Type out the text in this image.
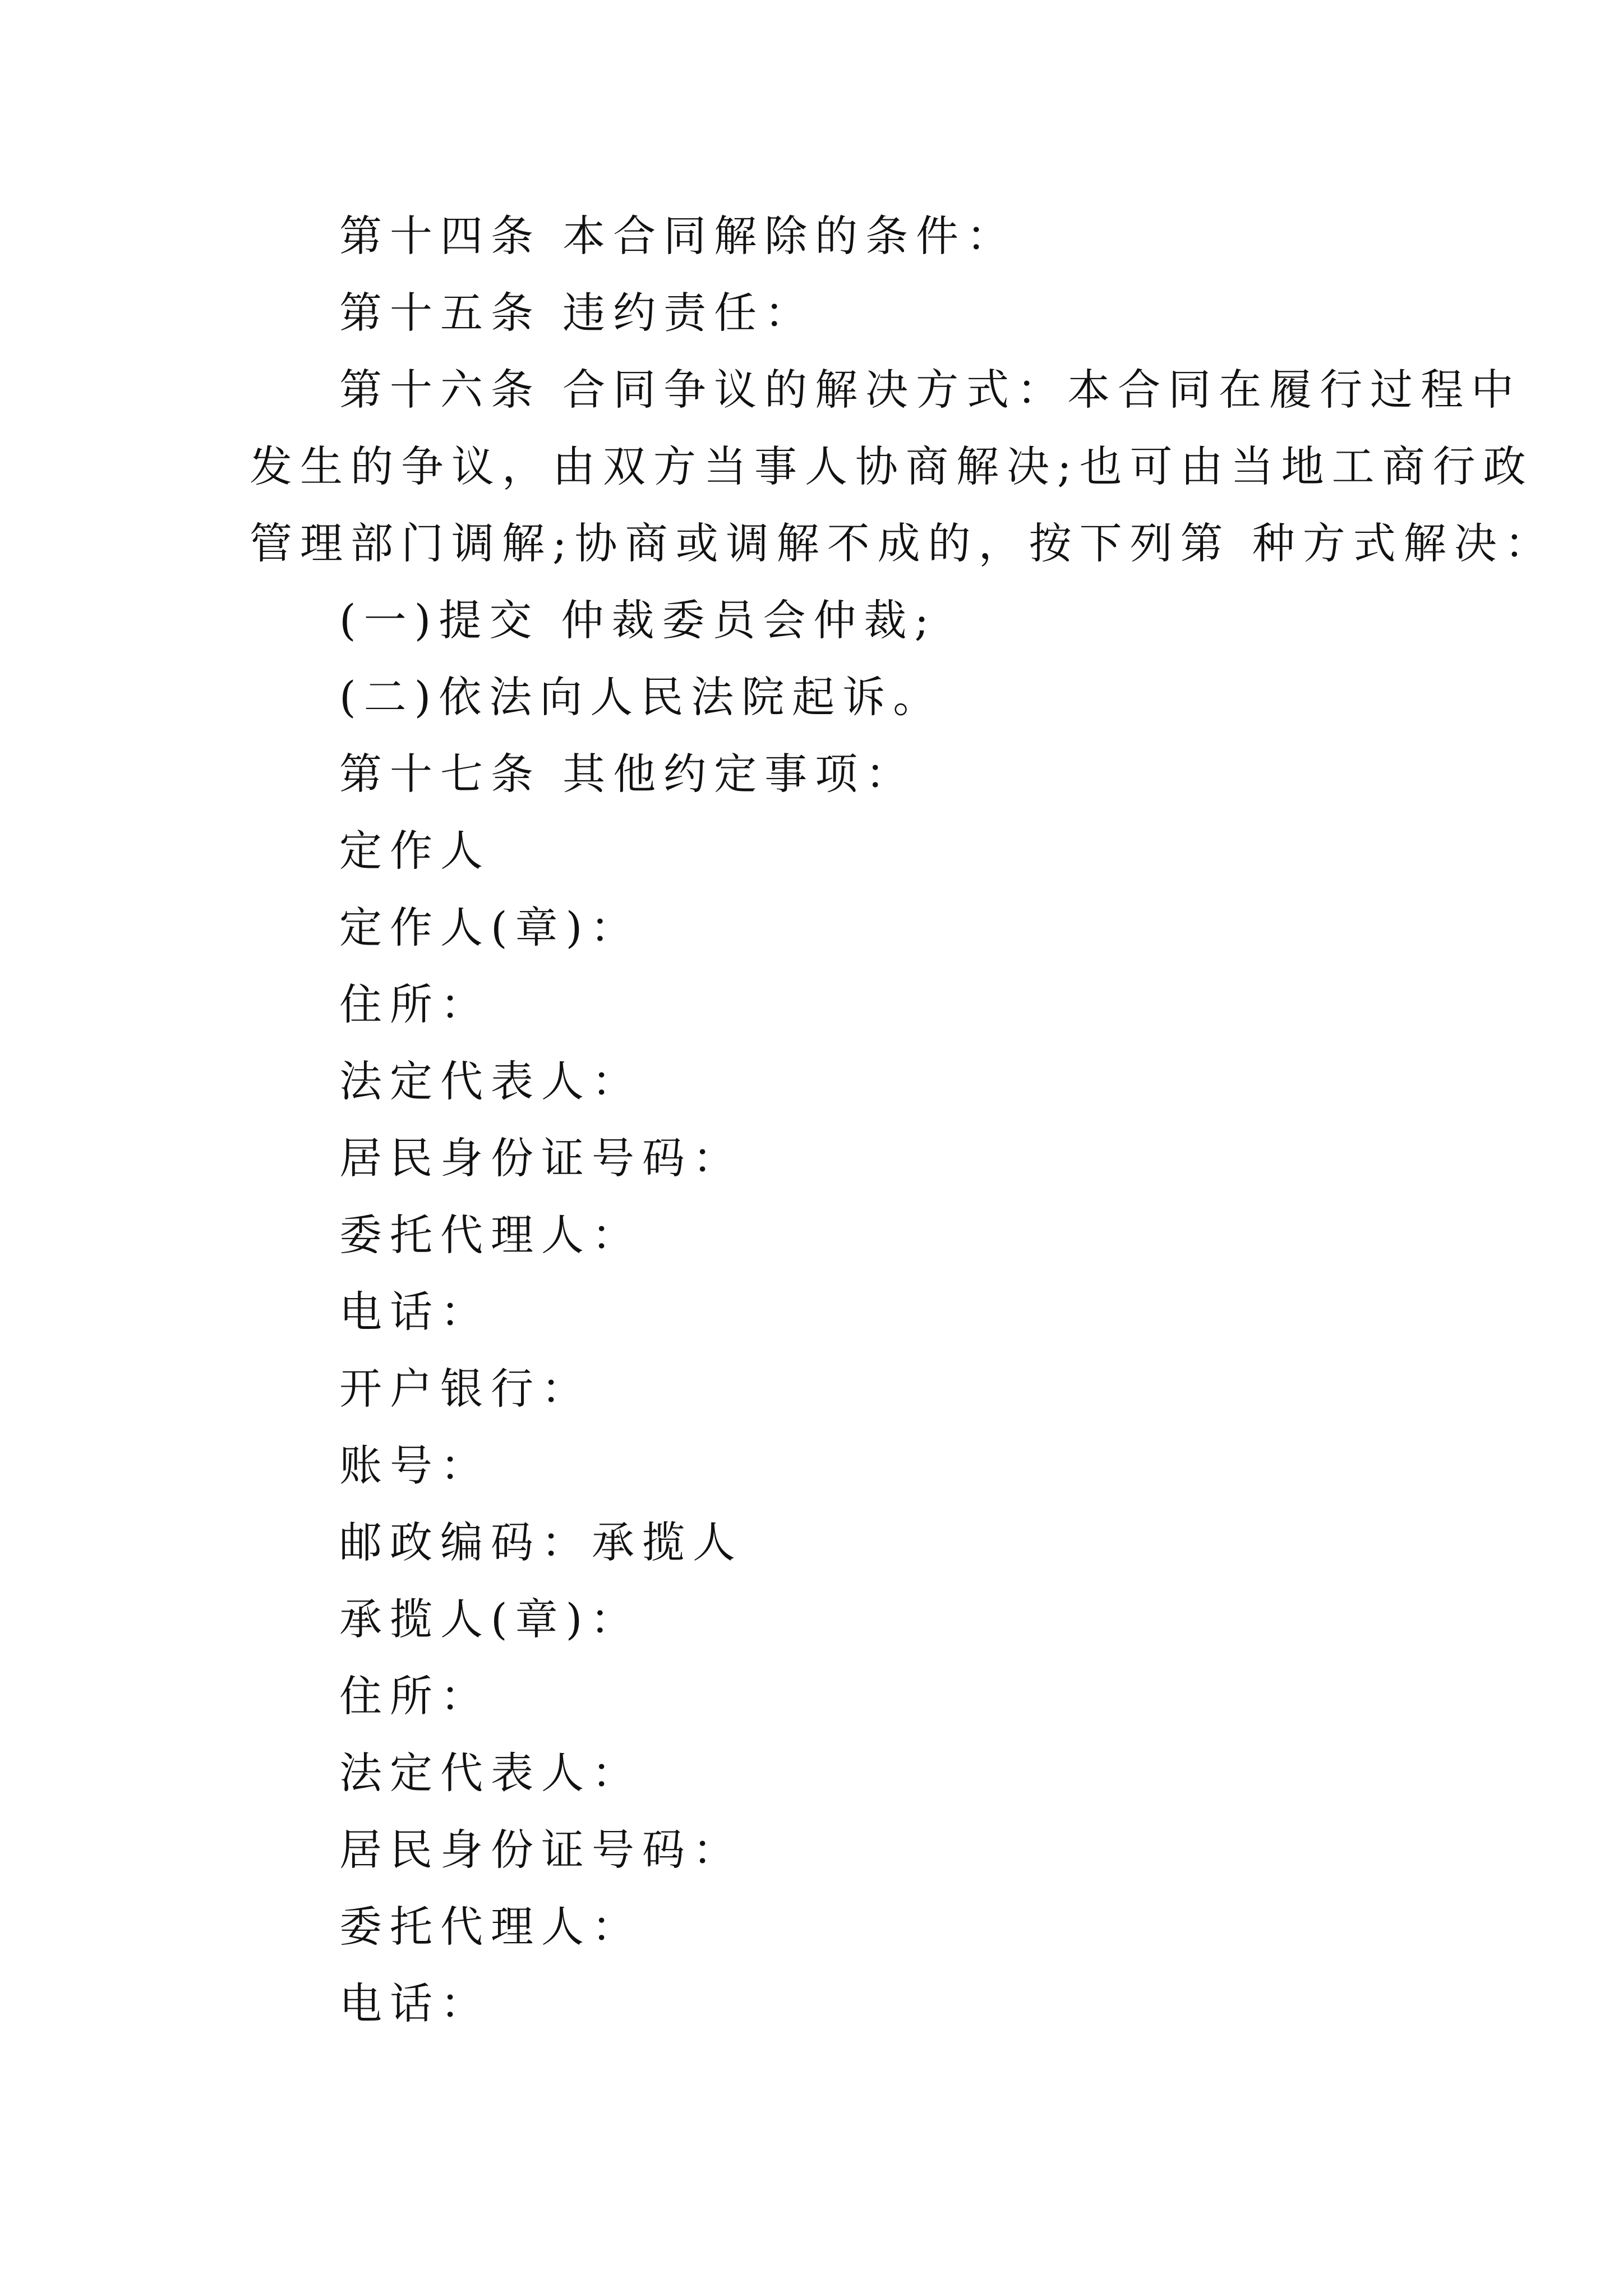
第十四条 本合同解除的条件：
第十五条 违约责任：
第十六条 合同争议的解决方式：本合同在履行过程中
发生的争议，由双方当事人协商解决;也可由当地工商行政
管理部门调解;协商或调解不成的，按下列第 种方式解决：
(一)提交 仲裁委员会仲裁;
(二)依法向人民法院起诉。
第十七条 其他约定事项：
定作人
定作人(章)：
住所：
法定代表人：
居民身份证号码：
委托代理人：
电话：
开户银行：
账号：
邮政编码：承揽人
承揽人(章)：
住所：
法定代表人：
居民身份证号码：
委托代理人：
电话：
